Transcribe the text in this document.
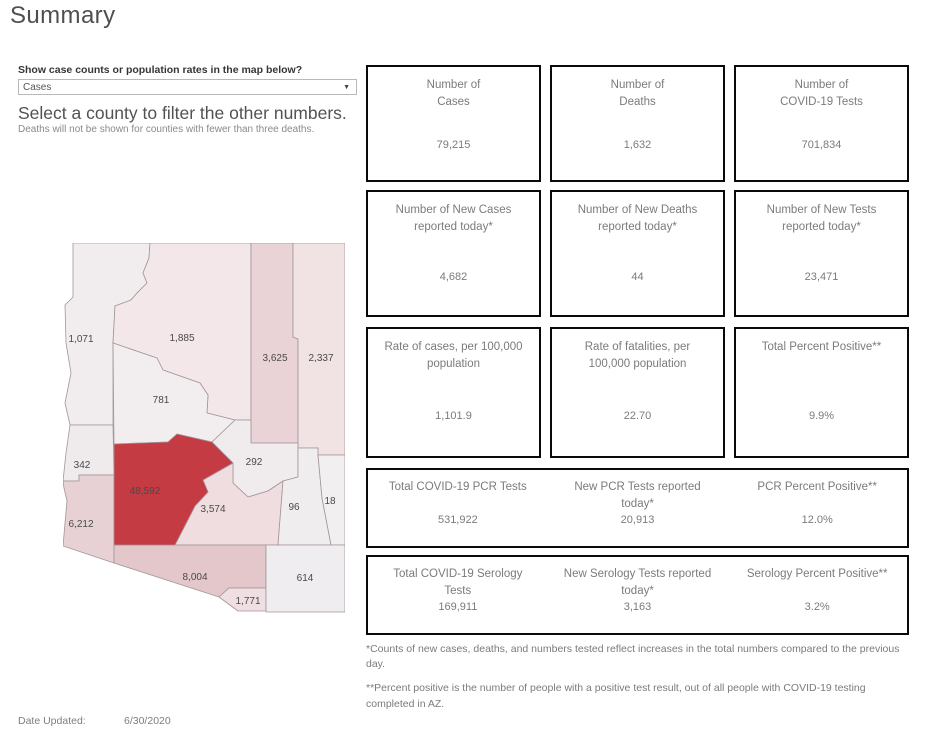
Summary
Show case counts or population rates in the map below?
Cases	▼
Select a county to filter the other numbers.
Deaths will not be shown for counties with fewer than three deaths.
1,071	1,885
3,625 2,337
781
342	292
3,574	96
18
6,212
8,004
1,771
614
48,592
Number of
Cases
79,215
Number of
Deaths
1,632
Number of
COVID-19 Tests
701,834
Number of New Cases
reported today*
4,682
Number of New Deaths
reported today*
44
Number of New Tests
reported today*
23,471
Rate of cases, per 100,000
population
1,101.9
Rate of fatalities, per
100,000 population
22.70
Total Percent Positive**
9.9%
Total COVID-19 PCR Tests
531,922
New PCR Tests reported
today*
20,913
PCR Percent Positive**
12.0%
Total COVID-19 Serology
Tests
169,911
New Serology Tests reported
today*
3,163
Serology Percent Positive**
3.2%

*Counts of new cases, deaths, and numbers tested reflect increases in the total numbers compared to the previous day.

**Percent positive is the number of people with a positive test result, out of all people with COVID-19 testing completed in AZ.

Date Updated:	6/30/2020
